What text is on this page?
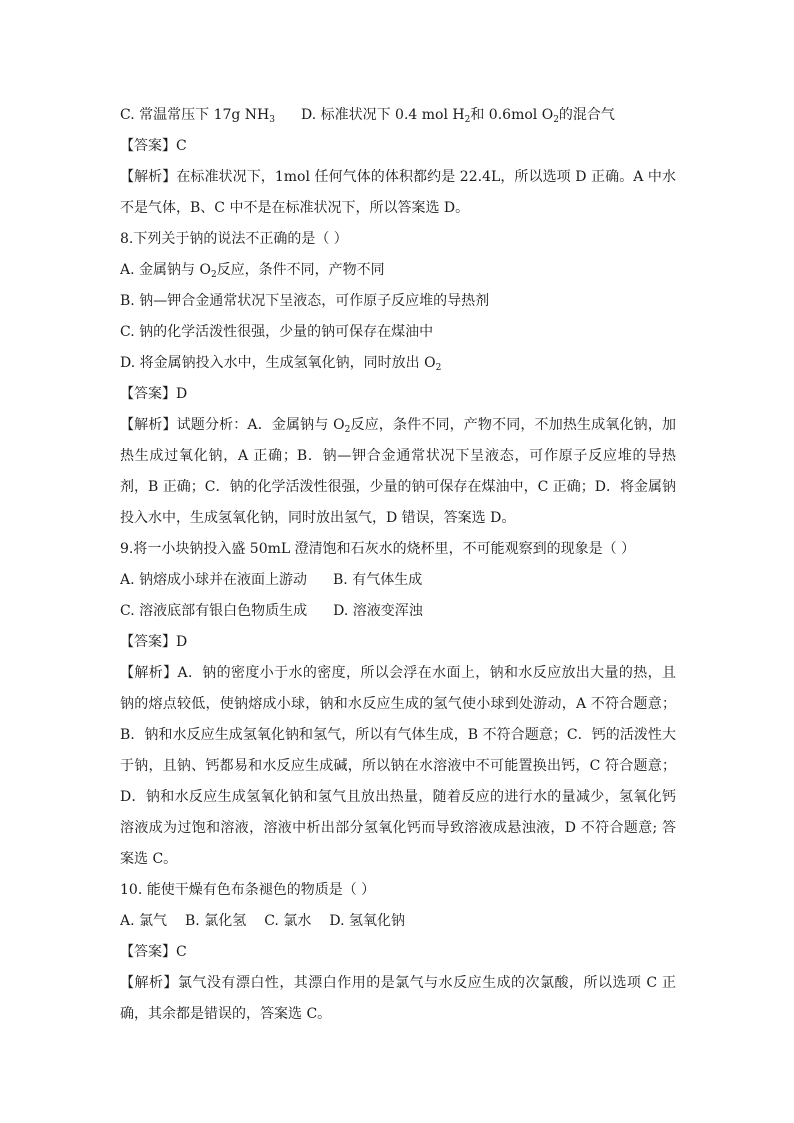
C. 常温常压下 17g $NH_3$ D. 标准状况下 0.4 mol $H_2$和 0.6mol $O_2$的混合气
【答案】C
【解析】在标准状况下，1mol 任何气体的体积都约是 22.4L，所以选项 D 正确。A 中水不是气体，B、C 中不是在标准状况下，所以答案选 D。
8.下列关于钠的说法不正确的是（ ）
A. 金属钠与 $O_2$反应，条件不同，产物不同
B. 钠—钾合金通常状况下呈液态，可作原子反应堆的导热剂
C. 钠的化学活泼性很强，少量的钠可保存在煤油中
D. 将金属钠投入水中，生成氢氧化钠，同时放出 $O_2$
【答案】D
【解析】试题分析：A．金属钠与 $O_2$反应，条件不同，产物不同，不加热生成氧化钠，加热生成过氧化钠，A 正确；B．钠—钾合金通常状况下呈液态，可作原子反应堆的导热剂，B 正确；C．钠的化学活泼性很强，少量的钠可保存在煤油中，C 正确；D．将金属钠投入水中，生成氢氧化钠，同时放出氢气，D 错误，答案选 D。
9.将一小块钠投入盛 50mL 澄清饱和石灰水的烧杯里，不可能观察到的现象是（ ）
A. 钠熔成小球并在液面上游动 B. 有气体生成
C. 溶液底部有银白色物质生成 D. 溶液变浑浊
【答案】D
【解析】A．钠的密度小于水的密度，所以会浮在水面上，钠和水反应放出大量的热，且钠的熔点较低，使钠熔成小球，钠和水反应生成的氢气使小球到处游动，A 不符合题意；B．钠和水反应生成氢氧化钠和氢气，所以有气体生成，B 不符合题意；C．钙的活泼性大于钠，且钠、钙都易和水反应生成碱，所以钠在水溶液中不可能置换出钙，C 符合题意；D．钠和水反应生成氢氧化钠和氢气且放出热量，随着反应的进行水的量减少，氢氧化钙溶液成为过饱和溶液，溶液中析出部分氢氧化钙而导致溶液成悬浊液，D 不符合题意; 答案选 C。
10. 能使干燥有色布条褪色的物质是（ ）
A. 氯气 B. 氯化氢 C. 氯水 D. 氢氧化钠
【答案】C
【解析】氯气没有漂白性，其漂白作用的是氯气与水反应生成的次氯酸，所以选项 C 正确，其余都是错误的，答案选 C。
